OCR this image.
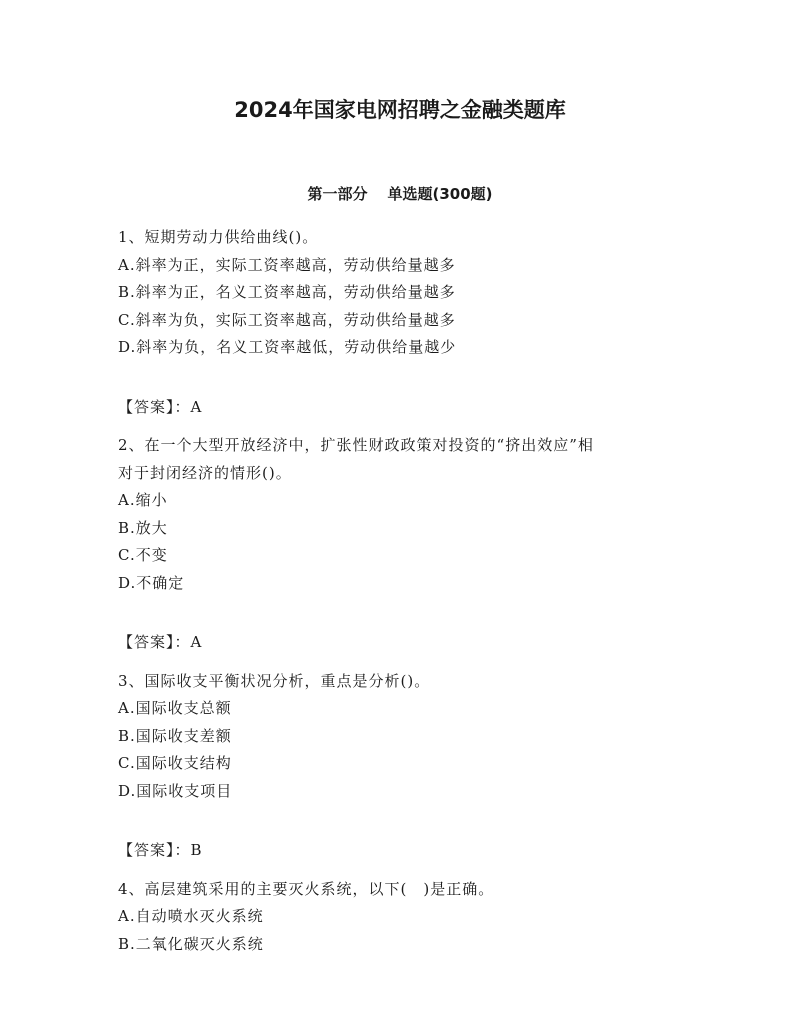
2024年国家电网招聘之金融类题库
第一部分 单选题(300题)

1、短期劳动力供给曲线()。

A.斜率为正，实际工资率越高，劳动供给量越多

B.斜率为正，名义工资率越高，劳动供给量越多

C.斜率为负，实际工资率越高，劳动供给量越多

D.斜率为负，名义工资率越低，劳动供给量越少

【答案】：A

2、在一个大型开放经济中，扩张性财政政策对投资的“挤出效应”相

对于封闭经济的情形()。

A.缩小

B.放大

C.不变

D.不确定

【答案】：A

3、国际收支平衡状况分析，重点是分析()。

A.国际收支总额

B.国际收支差额

C.国际收支结构

D.国际收支项目

【答案】：B

4、高层建筑采用的主要灭火系统，以下(　)是正确。

A.自动喷水灭火系统

B.二氧化碳灭火系统
